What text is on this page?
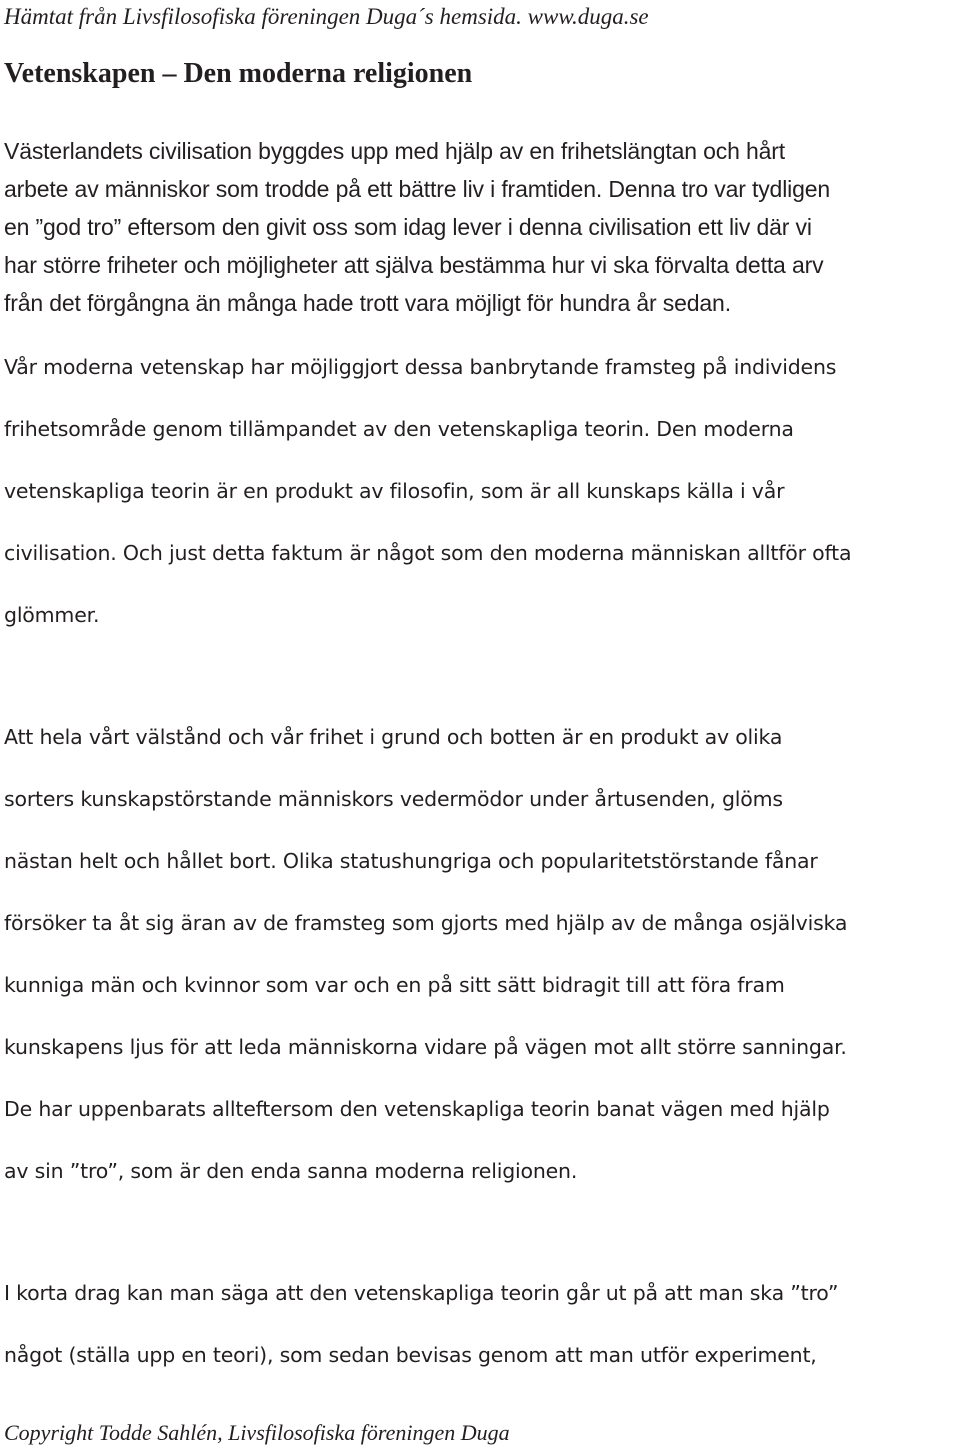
Hämtat från Livsfilosofiska föreningen Duga´s hemsida. www.duga.se
Vetenskapen – Den moderna religionen
Västerlandets civilisation byggdes upp med hjälp av en frihetslängtan och hårt
arbete av människor som trodde på ett bättre liv i framtiden. Denna tro var tydligen
en ”god tro” eftersom den givit oss som idag lever i denna civilisation ett liv där vi
har större friheter och möjligheter att själva bestämma hur vi ska förvalta detta arv
från det förgångna än många hade trott vara möjligt för hundra år sedan.
Vår moderna vetenskap har möjliggjort dessa banbrytande framsteg på individens
frihetsområde genom tillämpandet av den vetenskapliga teorin. Den moderna
vetenskapliga teorin är en produkt av filosofin, som är all kunskaps källa i vår
civilisation. Och just detta faktum är något som den moderna människan alltför ofta
glömmer.
Att hela vårt välstånd och vår frihet i grund och botten är en produkt av olika
sorters kunskapstörstande människors vedermödor under årtusenden, glöms
nästan helt och hållet bort. Olika statushungriga och popularitetstörstande fånar
försöker ta åt sig äran av de framsteg som gjorts med hjälp av de många osjälviska
kunniga män och kvinnor som var och en på sitt sätt bidragit till att föra fram
kunskapens ljus för att leda människorna vidare på vägen mot allt större sanningar.
De har uppenbarats allteftersom den vetenskapliga teorin banat vägen med hjälp
av sin ”tro”, som är den enda sanna moderna religionen.
I korta drag kan man säga att den vetenskapliga teorin går ut på att man ska ”tro”
något (ställa upp en teori), som sedan bevisas genom att man utför experiment,
Copyright Todde Sahlén, Livsfilosofiska föreningen Duga
